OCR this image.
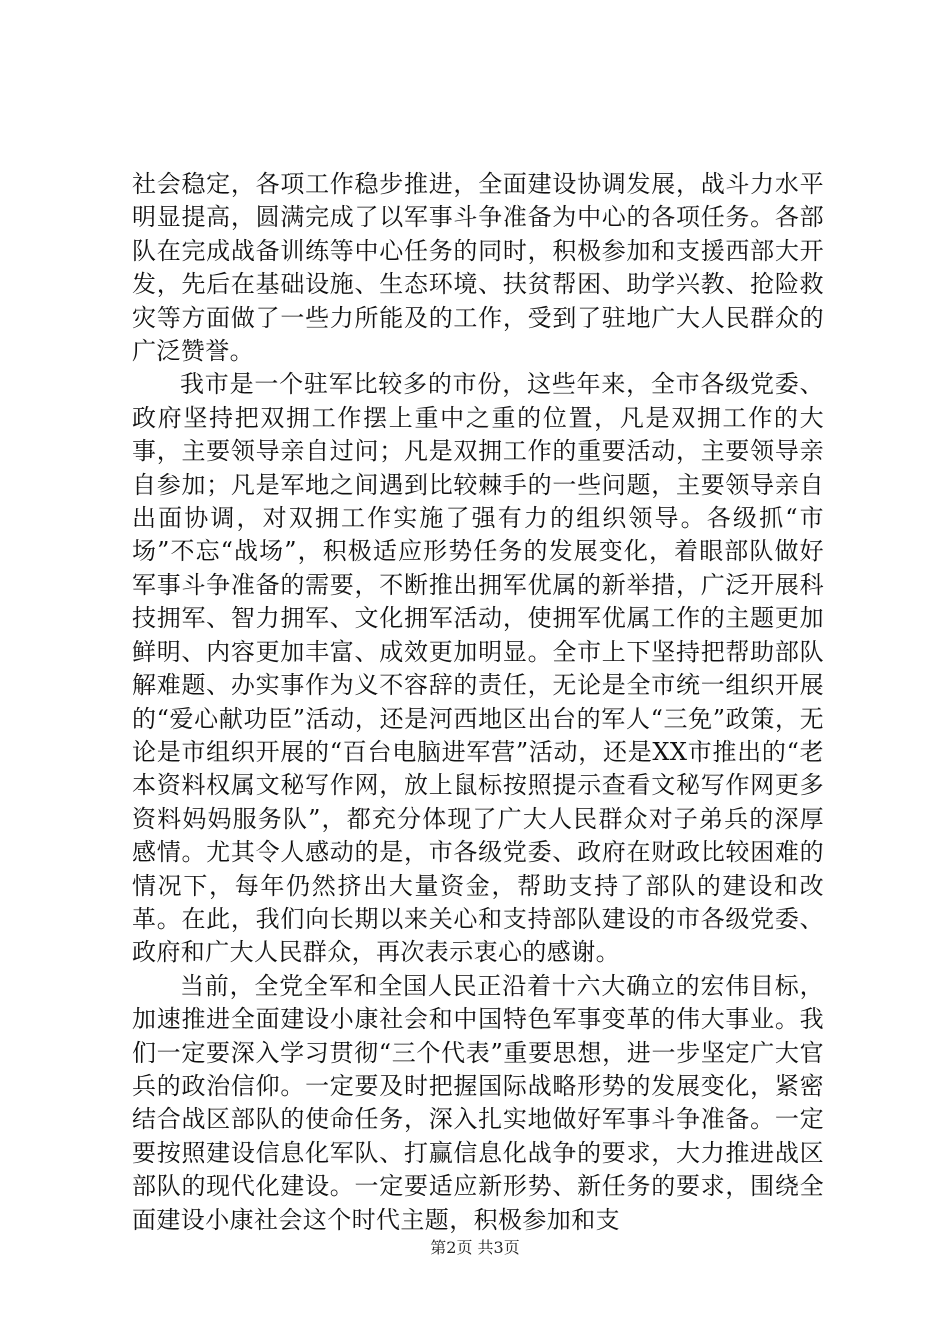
社会稳定，各项工作稳步推进，全面建设协调发展，战斗力水平明显提高，圆满完成了以军事斗争准备为中心的各项任务。各部队在完成战备训练等中心任务的同时，积极参加和支援西部大开发，先后在基础设施、生态环境、扶贫帮困、助学兴教、抢险救灾等方面做了一些力所能及的工作，受到了驻地广大人民群众的广泛赞誉。

我市是一个驻军比较多的市份，这些年来，全市各级党委、政府坚持把双拥工作摆上重中之重的位置，凡是双拥工作的大事，主要领导亲自过问；凡是双拥工作的重要活动，主要领导亲自参加；凡是军地之间遇到比较棘手的一些问题，主要领导亲自出面协调，对双拥工作实施了强有力的组织领导。各级抓“市场”不忘“战场”，积极适应形势任务的发展变化，着眼部队做好军事斗争准备的需要，不断推出拥军优属的新举措，广泛开展科技拥军、智力拥军、文化拥军活动，使拥军优属工作的主题更加鲜明、内容更加丰富、成效更加明显。全市上下坚持把帮助部队解难题、办实事作为义不容辞的责任，无论是全市统一组织开展的“爱心献功臣”活动，还是河西地区出台的军人“三免”政策，无论是市组织开展的“百台电脑进军营”活动，还是XX市推出的“老本资料权属文秘写作网，放上鼠标按照提示查看文秘写作网更多资料妈妈服务队”，都充分体现了广大人民群众对子弟兵的深厚感情。尤其令人感动的是，市各级党委、政府在财政比较困难的情况下，每年仍然挤出大量资金，帮助支持了部队的建设和改革。在此，我们向长期以来关心和支持部队建设的市各级党委、政府和广大人民群众，再次表示衷心的感谢。

当前，全党全军和全国人民正沿着十六大确立的宏伟目标，加速推进全面建设小康社会和中国特色军事变革的伟大事业。我们一定要深入学习贯彻“三个代表”重要思想，进一步坚定广大官兵的政治信仰。一定要及时把握国际战略形势的发展变化，紧密结合战区部队的使命任务，深入扎实地做好军事斗争准备。一定要按照建设信息化军队、打赢信息化战争的要求，大力推进战区部队的现代化建设。一定要适应新形势、新任务的要求，围绕全面建设小康社会这个时代主题，积极参加和支

第2页 共3页
